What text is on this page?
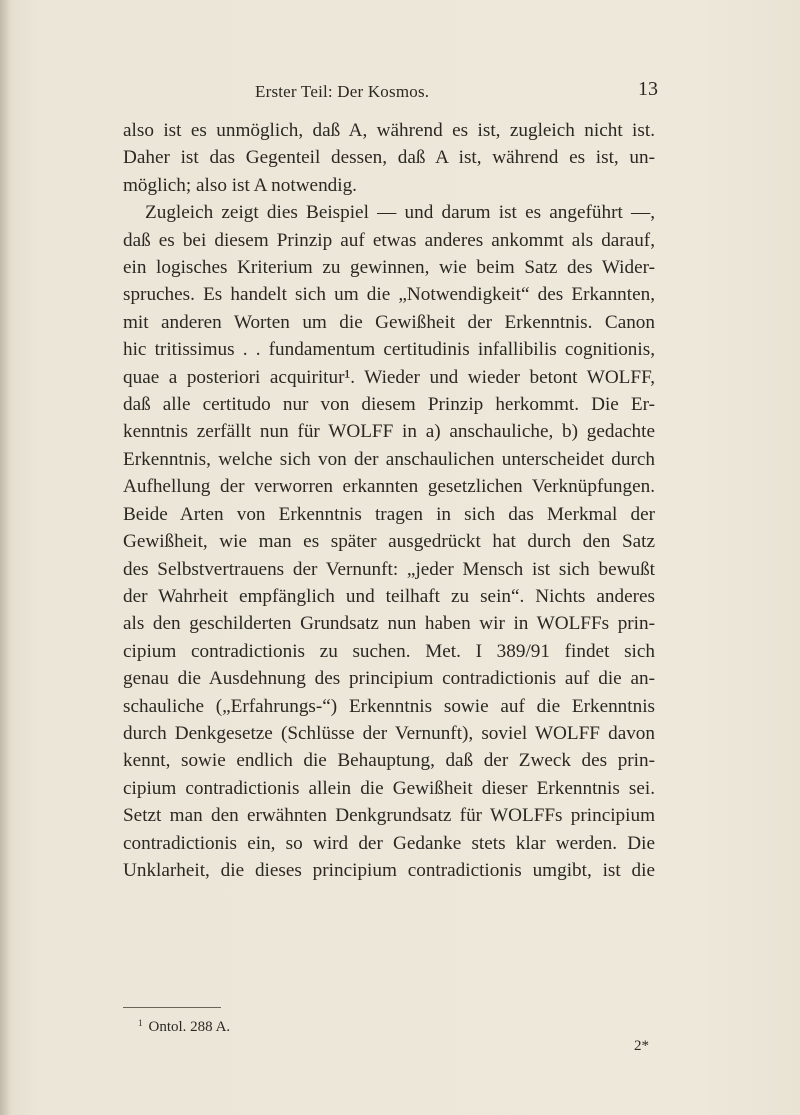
Erster Teil: Der Kosmos.	13
also ist es unmöglich, daß A, während es ist, zugleich nicht ist.
Daher ist das Gegenteil dessen, daß A ist, während es ist, un-
möglich; also ist A notwendig.
Zugleich zeigt dies Beispiel — und darum ist es angeführt —,
daß es bei diesem Prinzip auf etwas anderes ankommt als darauf,
ein logisches Kriterium zu gewinnen, wie beim Satz des Wider-
spruches. Es handelt sich um die „Notwendigkeit“ des Erkannten,
mit anderen Worten um die Gewißheit der Erkenntnis. Canon
hic tritissimus . . fundamentum certitudinis infallibilis cognitionis,
quae a posteriori acquiritur¹. Wieder und wieder betont WOLFF,
daß alle certitudo nur von diesem Prinzip herkommt. Die Er-
kenntnis zerfällt nun für WOLFF in a) anschauliche, b) gedachte
Erkenntnis, welche sich von der anschaulichen unterscheidet durch
Aufhellung der verworren erkannten gesetzlichen Verknüpfungen.
Beide Arten von Erkenntnis tragen in sich das Merkmal der
Gewißheit, wie man es später ausgedrückt hat durch den Satz
des Selbstvertrauens der Vernunft: „jeder Mensch ist sich bewußt
der Wahrheit empfänglich und teilhaft zu sein“. Nichts anderes
als den geschilderten Grundsatz nun haben wir in WOLFFs prin-
cipium contradictionis zu suchen. Met. I 389/91 findet sich
genau die Ausdehnung des principium contradictionis auf die an-
schauliche („Erfahrungs-“) Erkenntnis sowie auf die Erkenntnis
durch Denkgesetze (Schlüsse der Vernunft), soviel WOLFF davon
kennt, sowie endlich die Behauptung, daß der Zweck des prin-
cipium contradictionis allein die Gewißheit dieser Erkenntnis sei.
Setzt man den erwähnten Denkgrundsatz für WOLFFs principium
contradictionis ein, so wird der Gedanke stets klar werden. Die
Unklarheit, die dieses principium contradictionis umgibt, ist die
$^1$ Ontol. 288 A.
2*
